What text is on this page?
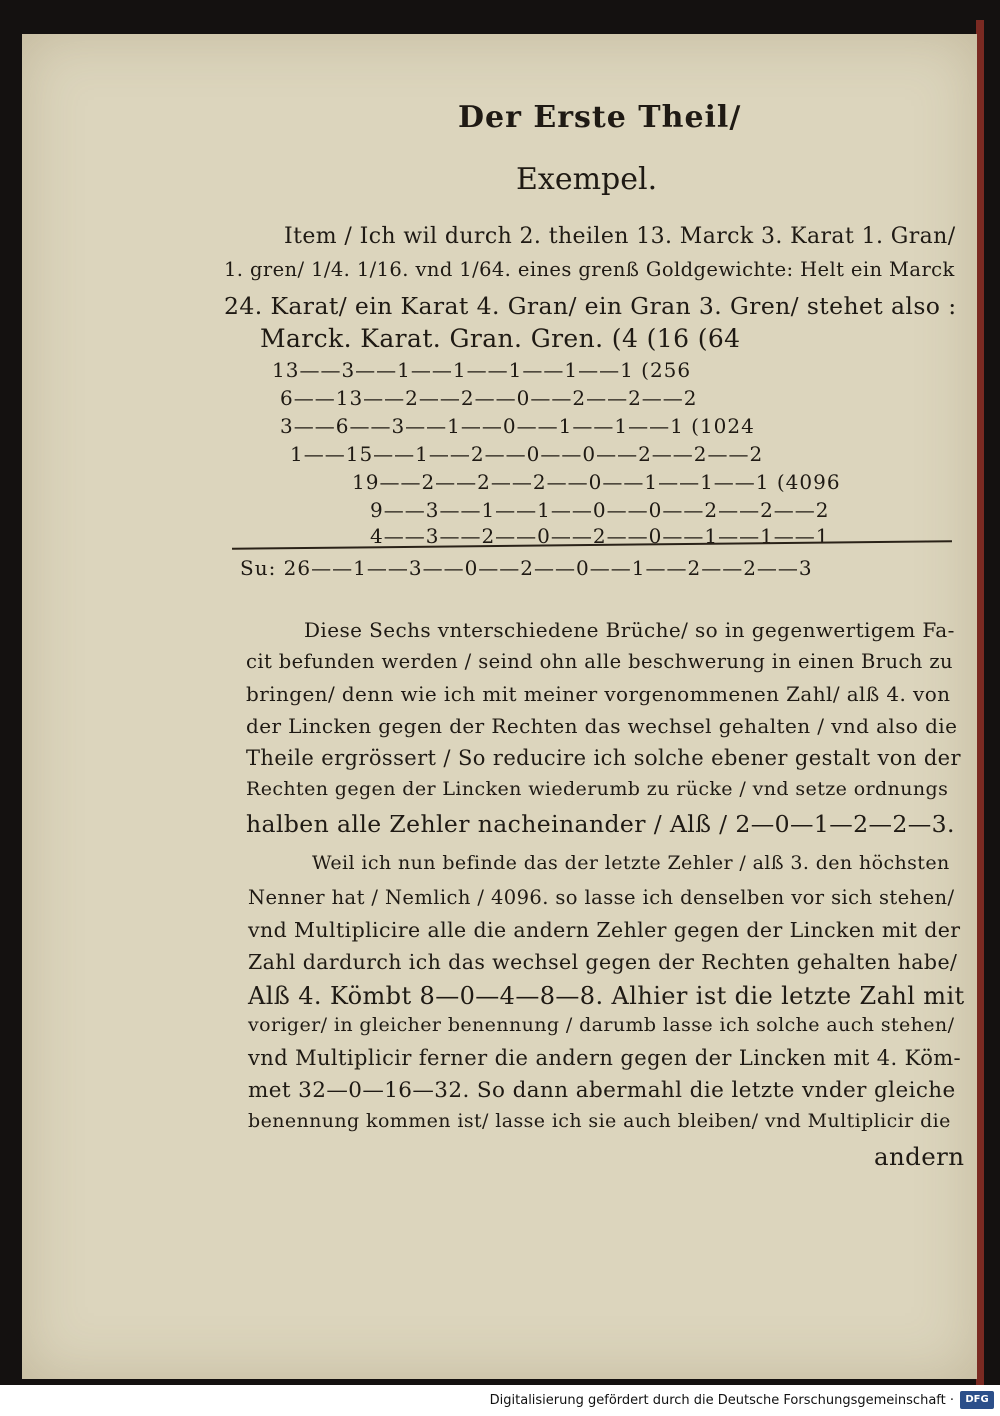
Der Erste Theil/
Exempel.
Item / Ich wil durch 2. theilen 13. Marck 3. Karat 1. Gran/
1. gren/ 1/4. 1/16. vnd 1/64. eines grenß Goldgewichte: Helt ein Marck
24. Karat/ ein Karat 4. Gran/ ein Gran 3. Gren/ stehet also :
Marck. Karat. Gran. Gren. (4 (16 (64
13——3——1——1——1——1——1 (256
6——13——2——2——0——2——2——2
3——6——3——1——0——1——1——1 (1024
1——15——1——2——0——0——2——2——2
19——2——2——2——0——1——1——1 (4096
9——3——1——1——0——0——2——2——2
4——3——2——0——2——0——1——1——1
Su: 26——1——3——0——2——0——1——2——2——3
Diese Sechs vnterschiedene Brüche/ so in gegenwertigem Fa-
cit befunden werden / seind ohn alle beschwerung in einen Bruch zu
bringen/ denn wie ich mit meiner vorgenommenen Zahl/ alß 4. von
der Lincken gegen der Rechten das wechsel gehalten / vnd also die
Theile ergrössert / So reducire ich solche ebener gestalt von der
Rechten gegen der Lincken wiederumb zu rücke / vnd setze ordnungs
halben alle Zehler nacheinander / Alß / 2—0—1—2—2—3.
Weil ich nun befinde das der letzte Zehler / alß 3. den höchsten
Nenner hat / Nemlich / 4096. so lasse ich denselben vor sich stehen/
vnd Multiplicire alle die andern Zehler gegen der Lincken mit der
Zahl dardurch ich das wechsel gegen der Rechten gehalten habe/
Alß 4. Kömbt 8—0—4—8—8. Alhier ist die letzte Zahl mit
voriger/ in gleicher benennung / darumb lasse ich solche auch stehen/
vnd Multiplicir ferner die andern gegen der Lincken mit 4. Köm-
met 32—0—16—32. So dann abermahl die letzte vnder gleiche
benennung kommen ist/ lasse ich sie auch bleiben/ vnd Multiplicir die
andern
Digitalisierung gefördert durch die Deutsche Forschungsgemeinschaft ·	DFG
